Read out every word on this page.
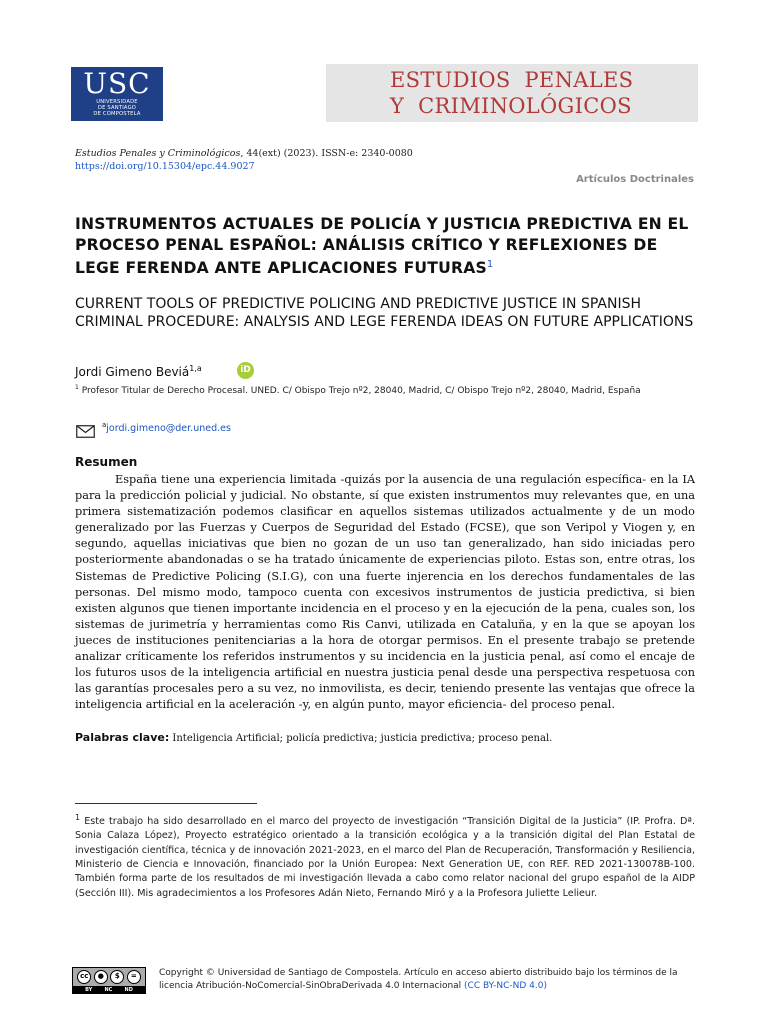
USC
UNIVERSIDADE
DE SANTIAGO
DE COMPOSTELA
ESTUDIOS  PENALES
Y  CRIMINOLÓGICOS
Estudios Penales y Criminológicos, 44(ext) (2023). ISSN-e: 2340-0080
https://doi.org/10.15304/epc.44.9027
Artículos Doctrinales
INSTRUMENTOS ACTUALES DE POLICÍA Y JUSTICIA PREDICTIVA EN EL PROCESO PENAL ESPAÑOL: ANÁLISIS CRÍTICO Y REFLEXIONES DE LEGE FERENDA ANTE APLICACIONES FUTURAS$^1$
CURRENT TOOLS OF PREDICTIVE POLICING AND PREDICTIVE JUSTICE IN SPANISH CRIMINAL PROCEDURE: ANALYSIS AND LEGE FERENDA IDEAS ON FUTURE APPLICATIONS
Jordi Gimeno Beviá$^{1,a}$	iD
$^1$ Profesor Titular de Derecho Procesal. UNED. C/ Obispo Trejo nº2, 28040, Madrid, C/ Obispo Trejo nº2, 28040, Madrid, España
$^a$jordi.gimeno@der.uned.es
Resumen

España tiene una experiencia limitada -quizás por la ausencia de una regulación específica- en la IA para la predicción policial y judicial. No obstante, sí que existen instrumentos muy relevantes que, en una primera sistematización podemos clasificar en aquellos sistemas utilizados actualmente y de un modo generalizado por las Fuerzas y Cuerpos de Seguridad del Estado (FCSE), que son Veripol y Viogen y, en segundo, aquellas iniciativas que bien no gozan de un uso tan generalizado, han sido iniciadas pero posteriormente abandonadas o se ha tratado únicamente de experiencias piloto. Estas son, entre otras, los Sistemas de Predictive Policing (S.I.G), con una fuerte injerencia en los derechos fundamentales de las personas. Del mismo modo, tampoco cuenta con excesivos instrumentos de justicia predictiva, si bien existen algunos que tienen importante incidencia en el proceso y en la ejecución de la pena, cuales son, los sistemas de jurimetría y herramientas como Ris Canvi, utilizada en Cataluña, y en la que se apoyan los jueces de instituciones penitenciarias a la hora de otorgar permisos. En el presente trabajo se pretende analizar críticamente los referidos instrumentos y su incidencia en la justicia penal, así como el encaje de los futuros usos de la inteligencia artificial en nuestra justicia penal desde una perspectiva respetuosa con las garantías procesales pero a su vez, no inmovilista, es decir, teniendo presente las ventajas que ofrece la inteligencia artificial en la aceleración -y, en algún punto, mayor eficiencia- del proceso penal.

Palabras clave: Inteligencia Artificial; policía predictiva; justicia predictiva; proceso penal.

$^1$ Este trabajo ha sido desarrollado en el marco del proyecto de investigación “Transición Digital de la Justicia” (IP. Profra. Dª. Sonia Calaza López), Proyecto estratégico orientado a la transición ecológica y a la transición digital del Plan Estatal de investigación científica, técnica y de innovación 2021-2023, en el marco del Plan de Recuperación, Transformación y Resiliencia, Ministerio de Ciencia e Innovación, financiado por la Unión Europea: Next Generation UE, con REF. RED 2021-130078B-100. También forma parte de los resultados de mi investigación llevada a cabo como relator nacional del grupo español de la AIDP (Sección III). Mis agradecimientos a los Profesores Adán Nieto, Fernando Miró y a la Profesora Juliette Lelieur.

cc	●	$	=
BY NC ND

Copyright © Universidad de Santiago de Compostela. Artículo en acceso abierto distribuido bajo los términos de la licencia Atribución-NoComercial-SinObraDerivada 4.0 Internacional (CC BY-NC-ND 4.0)
